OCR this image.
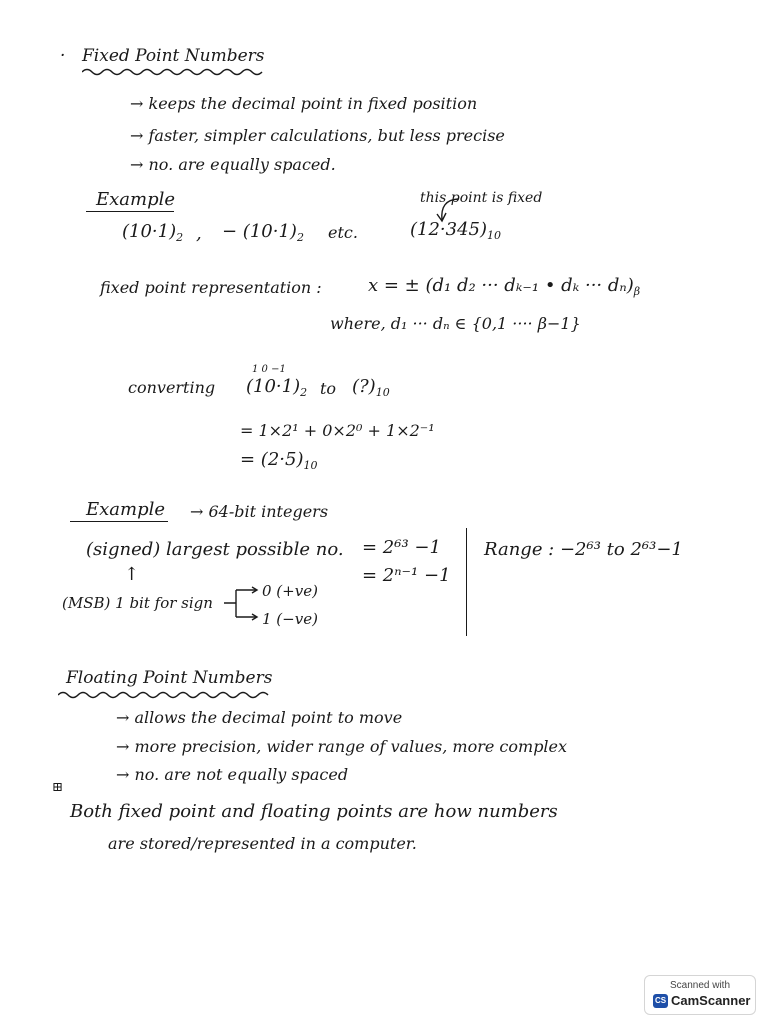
· Fixed Point Numbers
→ keeps the decimal point in fixed position
→ faster, simpler calculations, but less precise
→ no. are equally spaced.
Example	this point is fixed
$(10\cdot 1)_2$ , − $(10\cdot 1)_2$ etc.	$(12\cdot 345)_{10}$
fixed point representation :	x = ± (d₁ d₂ ··· dₖ₋₁ • dₖ ··· $d_n)_\beta$
where, d₁ ··· dₙ ∈ {0,1 ···· β−1}
converting
1 0 −1
$(10\cdot 1)_2$ to $(?)_{10}$
= 1×2¹ + 0×2⁰ + 1×2⁻¹
= $(2\cdot 5)_{10}$
Example → 64-bit integers
(signed) largest possible no. = 2⁶³ −1
= 2ⁿ⁻¹ −1
Range : −2⁶³ to 2⁶³−1
↑
(MSB) 1 bit for sign
0 (+ve)
1 (−ve)
Floating Point Numbers
→ allows the decimal point to move
→ more precision, wider range of values, more complex
→ no. are not equally spaced
⊞
Both fixed point and floating points are how numbers
are stored/represented in a computer.
Scanned with
CS CamScanner
